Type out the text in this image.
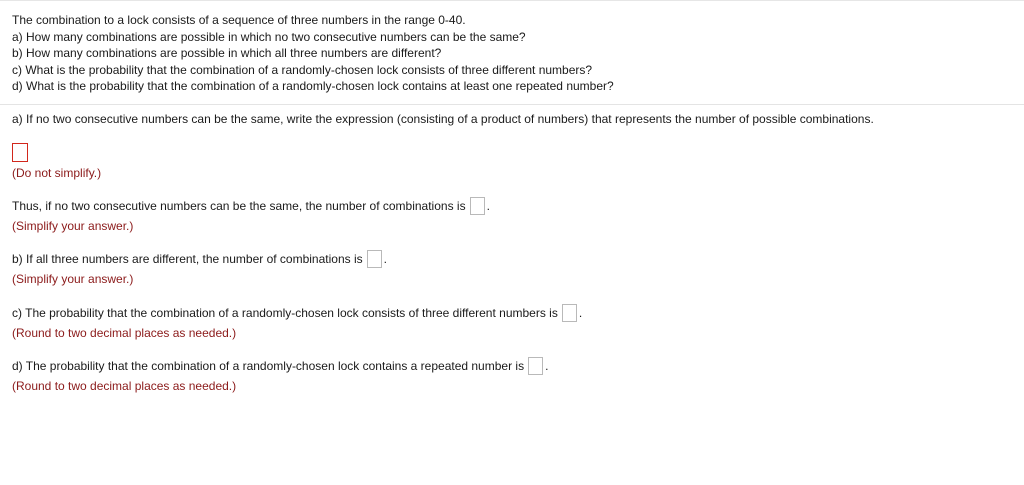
The combination to a lock consists of a sequence of three numbers in the range 0-40.
a) How many combinations are possible in which no two consecutive numbers can be the same?
b) How many combinations are possible in which all three numbers are different?
c) What is the probability that the combination of a randomly-chosen lock consists of three different numbers?
d) What is the probability that the combination of a randomly-chosen lock contains at least one repeated number?
a) If no two consecutive numbers can be the same, write the expression (consisting of a product of numbers) that represents the number of possible combinations.
(Do not simplify.)
Thus, if no two consecutive numbers can be the same, the number of combinations is .
(Simplify your answer.)
b) If all three numbers are different, the number of combinations is .
(Simplify your answer.)
c) The probability that the combination of a randomly-chosen lock consists of three different numbers is .
(Round to two decimal places as needed.)
d) The probability that the combination of a randomly-chosen lock contains a repeated number is .
(Round to two decimal places as needed.)
